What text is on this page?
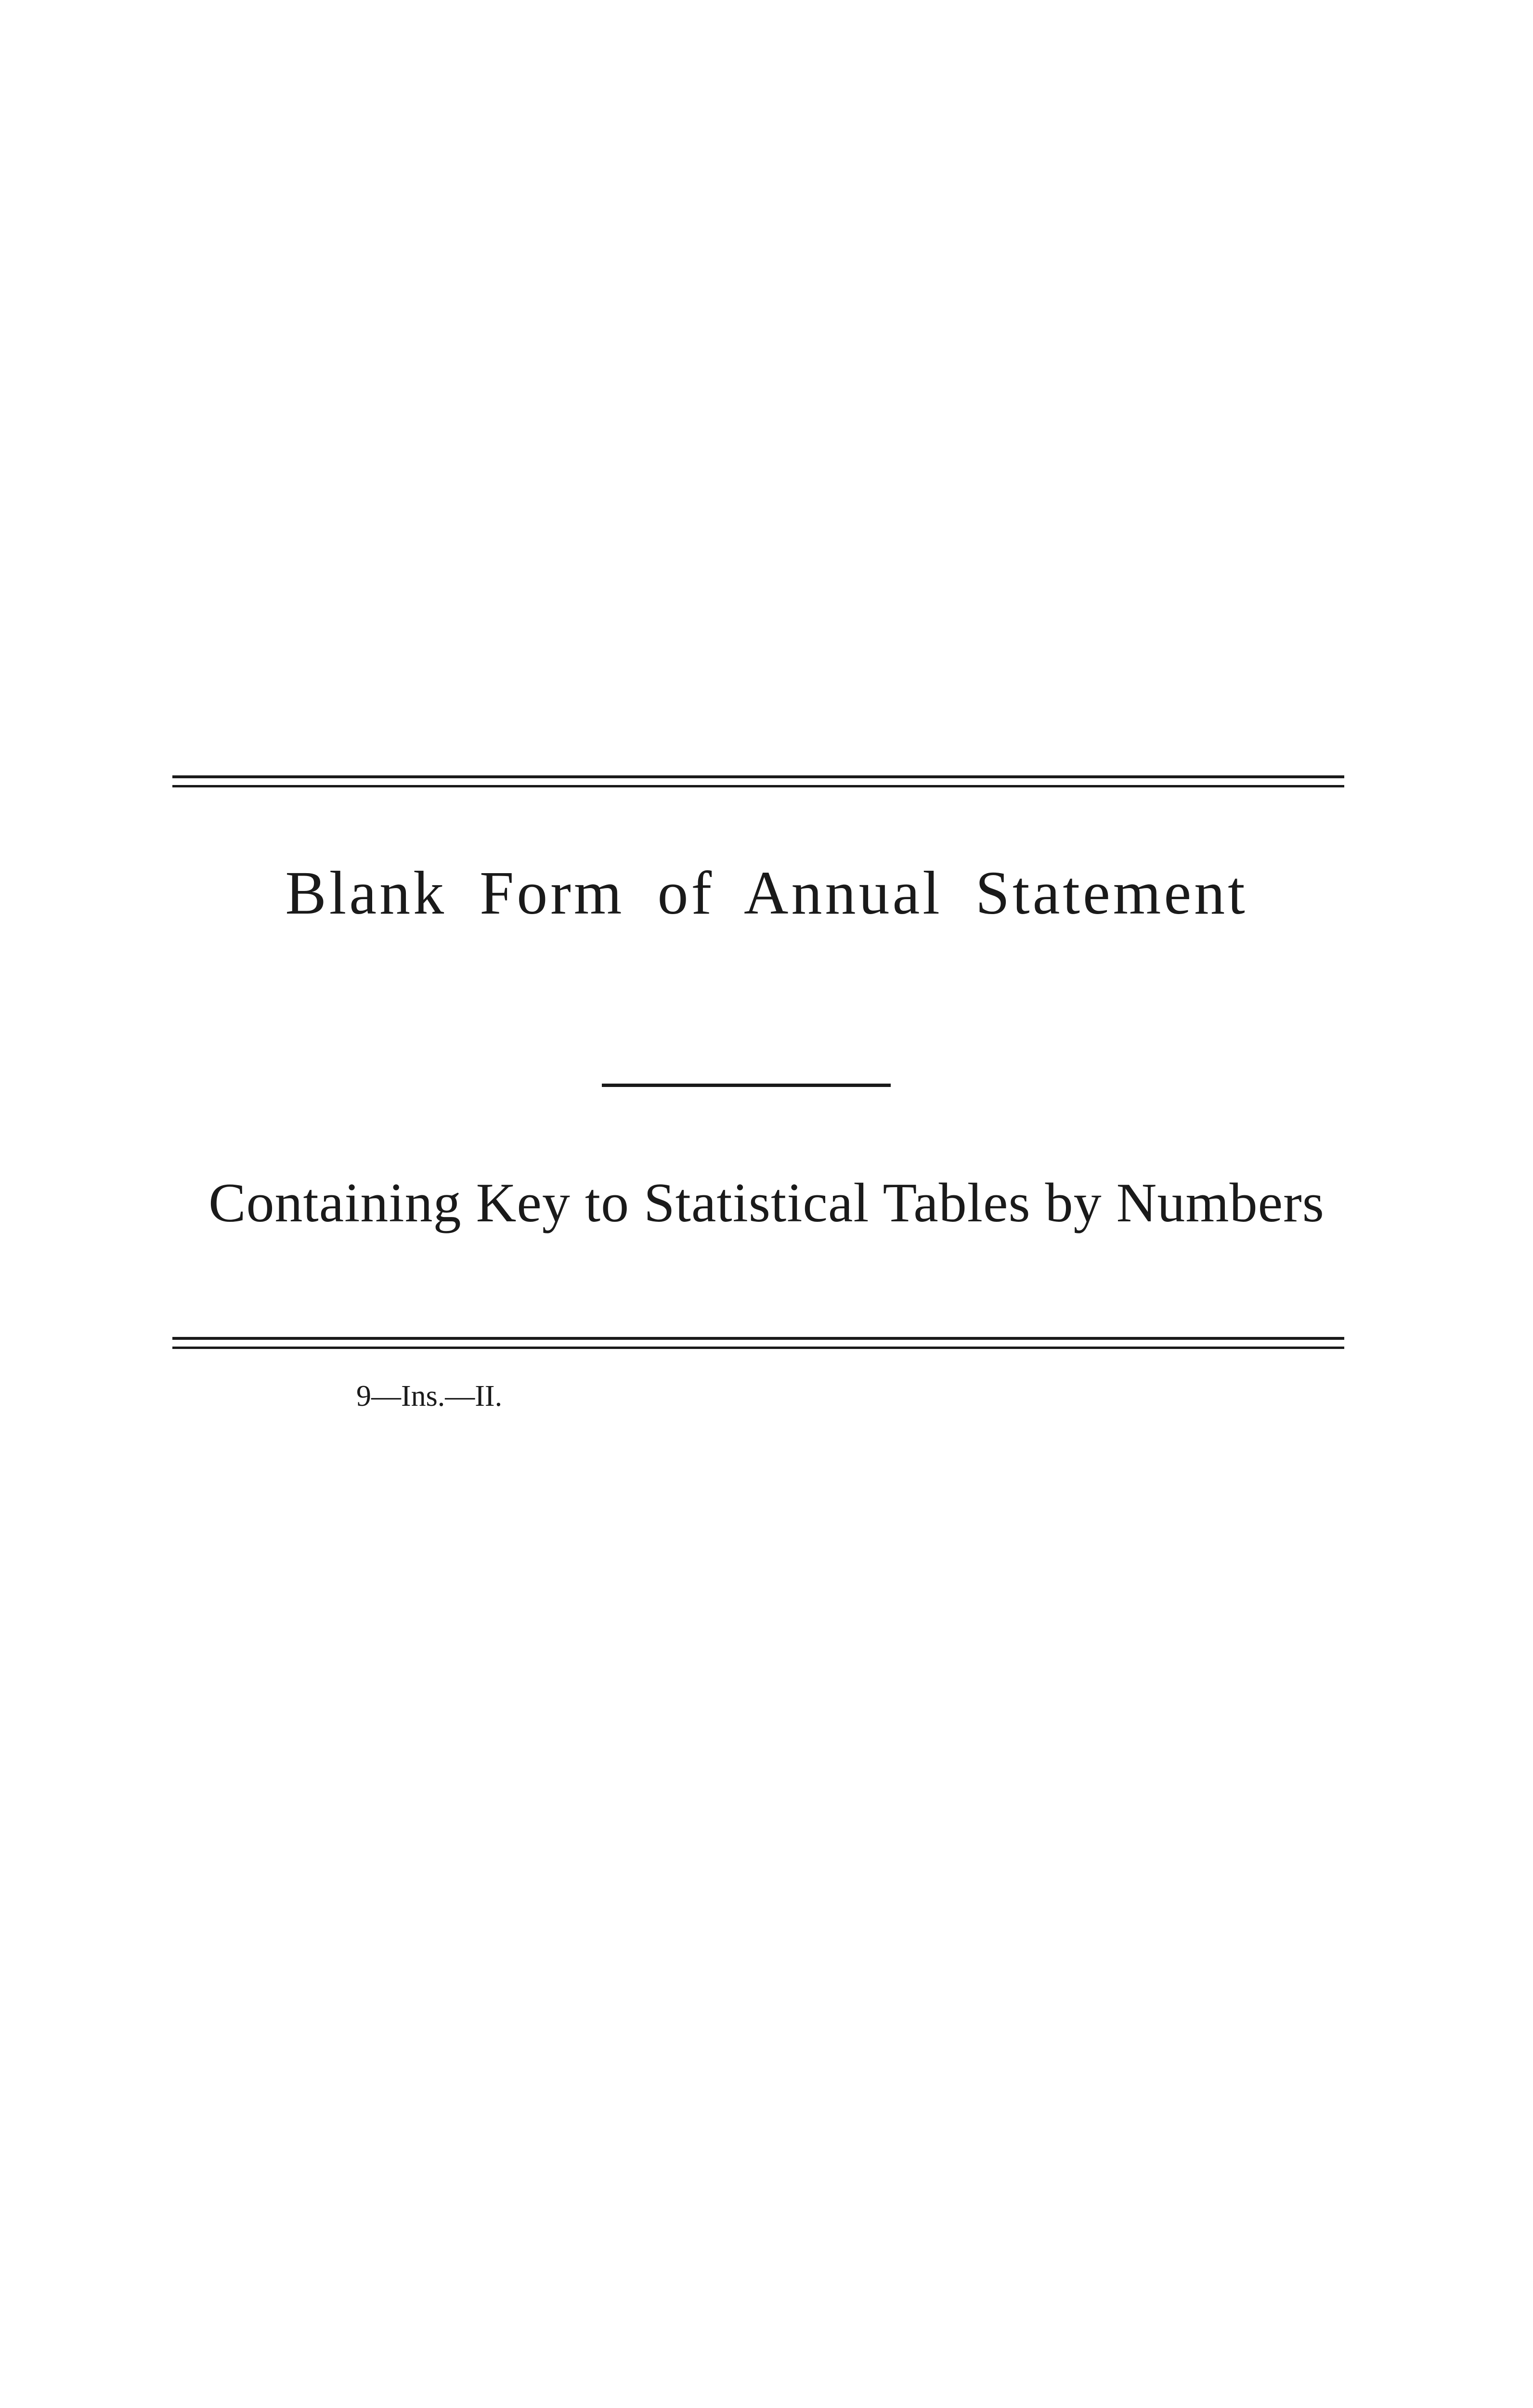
Blank Form of Annual Statement
Containing Key to Statistical Tables by Numbers
9—Ins.—II.
